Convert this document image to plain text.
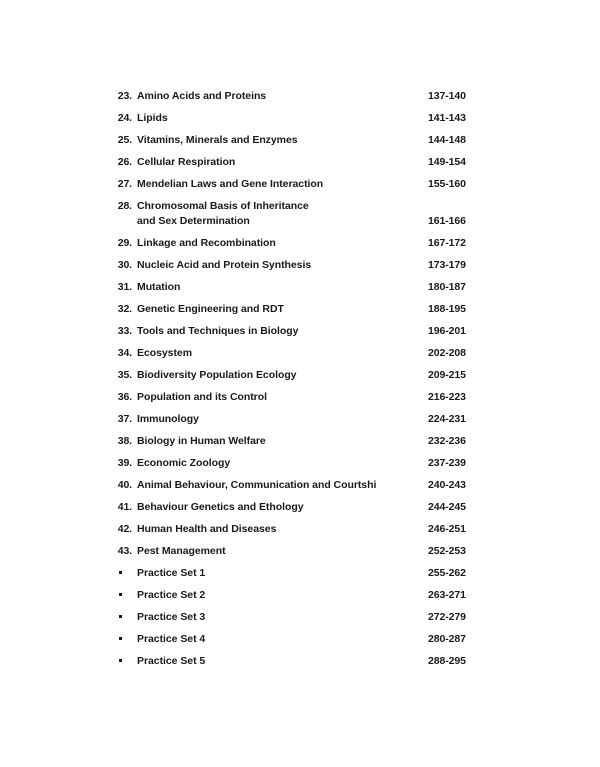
23. Amino Acids and Proteins	137-140
24. Lipids	141-143
25. Vitamins, Minerals and Enzymes	144-148
26. Cellular Respiration	149-154
27. Mendelian Laws and Gene Interaction	155-160
28. Chromosomal Basis of Inheritance
and Sex Determination	161-166
29. Linkage and Recombination	167-172
30. Nucleic Acid and Protein Synthesis	173-179
31. Mutation	180-187
32. Genetic Engineering and RDT	188-195
33. Tools and Techniques in Biology	196-201
34. Ecosystem	202-208
35. Biodiversity Population Ecology	209-215
36. Population and its Control	216-223
37. Immunology	224-231
38. Biology in Human Welfare	232-236
39. Economic Zoology	237-239
40. Animal Behaviour, Communication and Courtshi	240-243
41. Behaviour Genetics and Ethology	244-245
42. Human Health and Diseases	246-251
43. Pest Management	252-253
Practice Set 1	255-262
Practice Set 2	263-271
Practice Set 3	272-279
Practice Set 4	280-287
Practice Set 5	288-295
